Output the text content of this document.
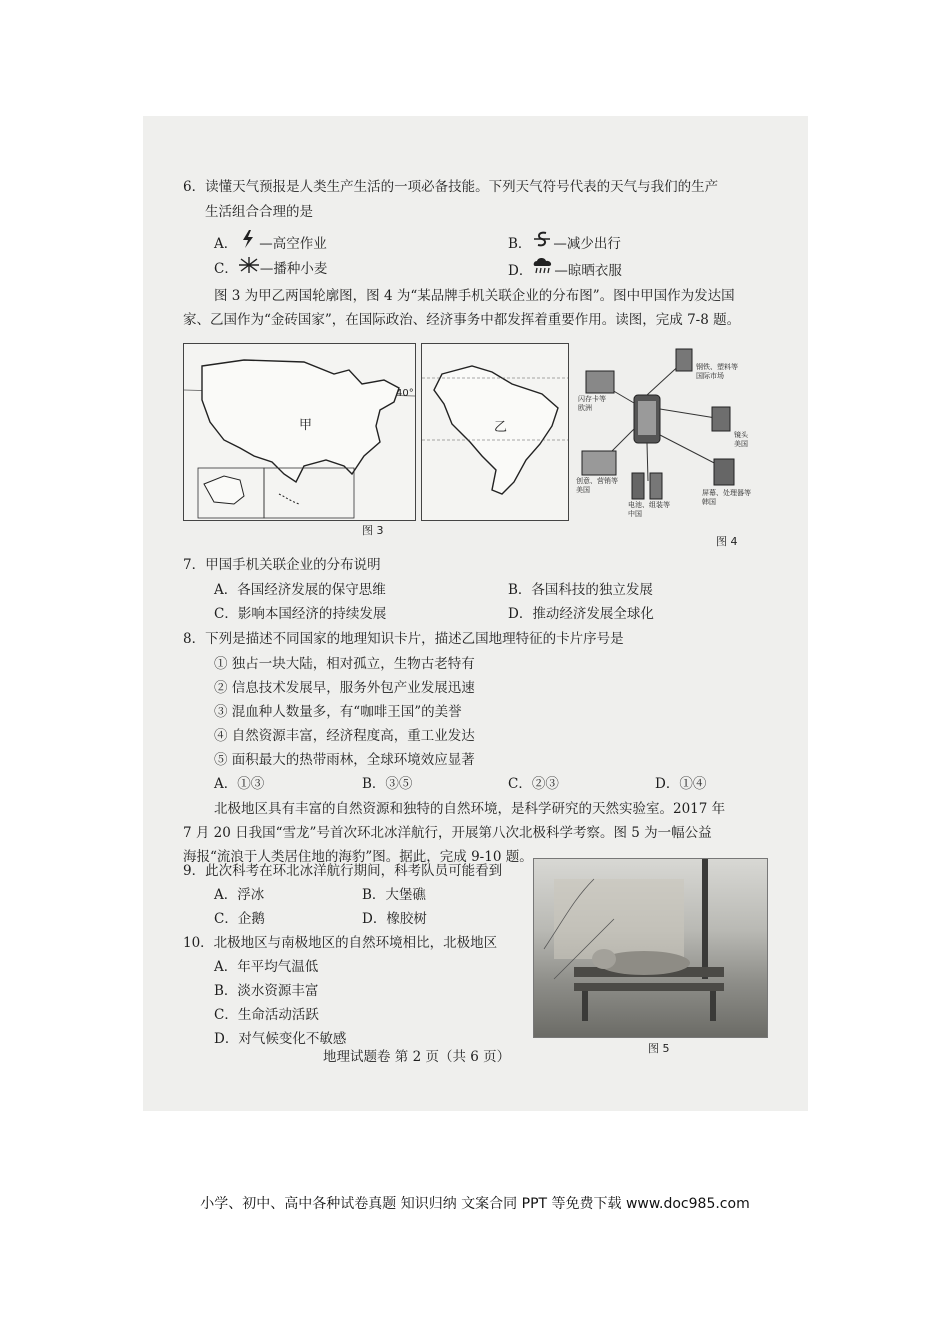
6．读懂天气预报是人类生产生活的一项必备技能。下列天气符号代表的天气与我们的生产
生活组合合理的是
A． —高空作业	B． —减少出行
C． —播种小麦	D． —晾晒衣服
图 3 为甲乙两国轮廓图，图 4 为“某品牌手机关联企业的分布图”。图中甲国作为发达国
家、乙国作为“金砖国家”，在国际政治、经济事务中都发挥着重要作用。读图，完成 7-8 题。
甲
40°
乙
图 3
钢铁、塑料等
国际市场
闪存卡等
欧洲
镜头
美国
创意、营销等
美国
电池、组装等
中国
屏幕、处理器等
韩国
图 4
7．甲国手机关联企业的分布说明
A．各国经济发展的保守思维	B．各国科技的独立发展
C．影响本国经济的持续发展	D．推动经济发展全球化
8．下列是描述不同国家的地理知识卡片，描述乙国地理特征的卡片序号是
① 独占一块大陆，相对孤立，生物古老特有
② 信息技术发展早，服务外包产业发展迅速
③ 混血种人数量多，有“咖啡王国”的美誉
④ 自然资源丰富，经济程度高，重工业发达
⑤ 面积最大的热带雨林，全球环境效应显著
A．①③	B．③⑤	C．②③	D．①④
北极地区具有丰富的自然资源和独特的自然环境，是科学研究的天然实验室。2017 年
7 月 20 日我国“雪龙”号首次环北冰洋航行，开展第八次北极科学考察。图 5 为一幅公益
海报“流浪于人类居住地的海豹”图。据此，完成 9-10 题。
9．此次科考在环北冰洋航行期间，科考队员可能看到
A．浮冰	B．大堡礁
C．企鹅	D．橡胶树
10．北极地区与南极地区的自然环境相比，北极地区
A．年平均气温低
B．淡水资源丰富
C．生命活动活跃
D．对气候变化不敏感
图 5
地理试题卷 第 2 页（共 6 页）
小学、初中、高中各种试卷真题 知识归纳 文案合同 PPT 等免费下载 www.doc985.com
